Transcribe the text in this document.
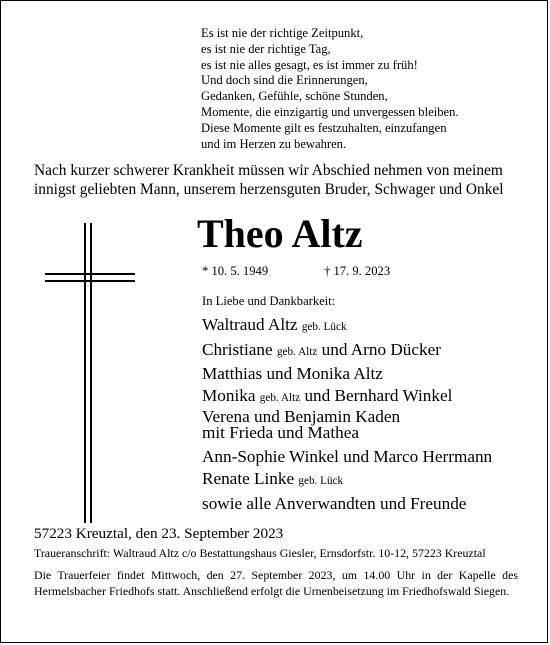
Es ist nie der richtige Zeitpunkt,
es ist nie der richtige Tag,
es ist nie alles gesagt, es ist immer zu früh!
Und doch sind die Erinnerungen,
Gedanken, Gefühle, schöne Stunden,
Momente, die einzigartig und unvergessen bleiben.
Diese Momente gilt es festzuhalten, einzufangen
und im Herzen zu bewahren.
Nach kurzer schwerer Krankheit müssen wir Abschied nehmen von meinem
innigst geliebten Mann, unserem herzensguten Bruder, Schwager und Onkel
Theo Altz
* 10. 5. 1949	† 17. 9. 2023
In Liebe und Dankbarkeit:
Waltraud Altz geb. Lück
Christiane geb. Altz und Arno Dücker
Matthias und Monika Altz
Monika geb. Altz und Bernhard Winkel
Verena und Benjamin Kaden
mit Frieda und Mathea
Ann-Sophie Winkel und Marco Herrmann
Renate Linke geb. Lück
sowie alle Anverwandten und Freunde
57223 Kreuztal, den 23. September 2023
Traueranschrift: Waltraud Altz c/o Bestattungshaus Giesler, Ernsdorfstr. 10-12, 57223 Kreuztal
Die Trauerfeier findet Mittwoch, den 27. September 2023, um 14.00 Uhr in der Kapelle des Hermelsbacher Friedhofs statt. Anschließend erfolgt die Urnenbeisetzung im Friedhofswald Siegen.
